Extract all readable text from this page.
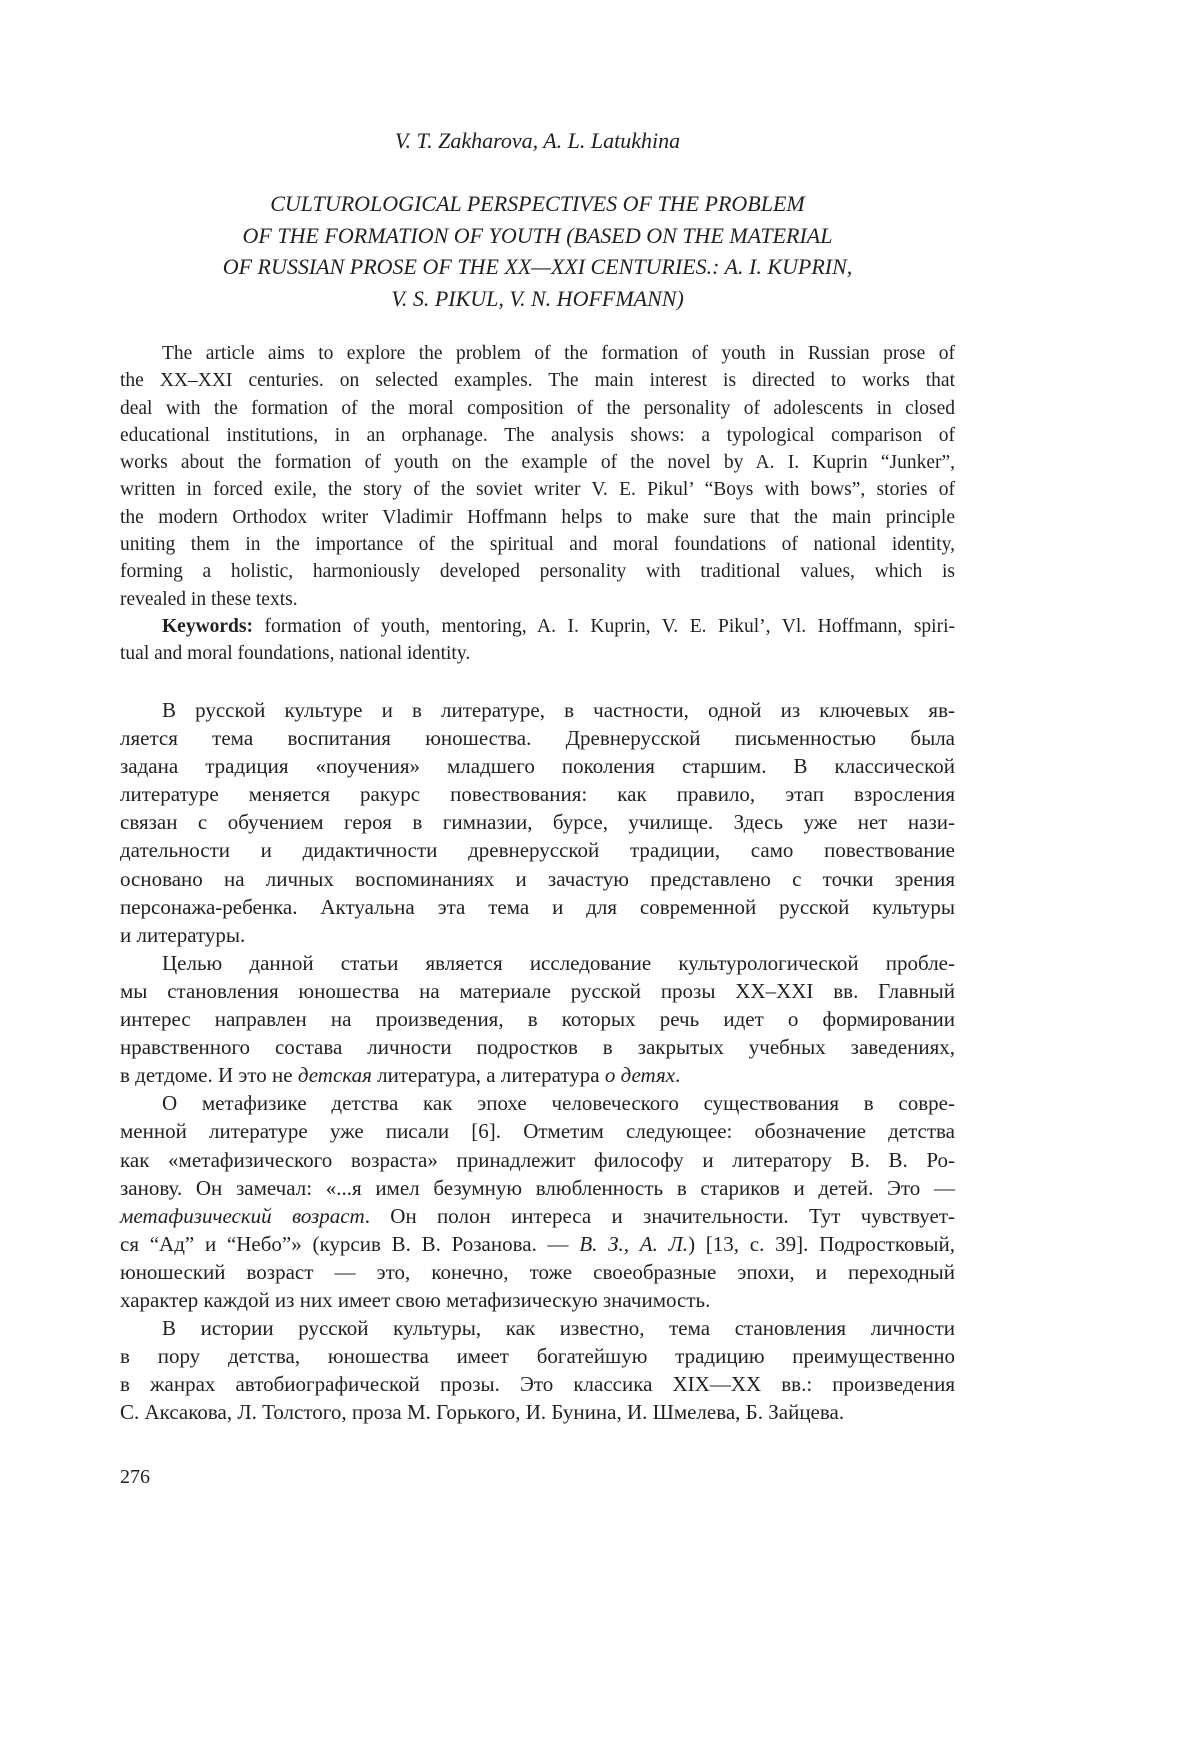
V. T. Zakharova, A. L. Latukhina
CULTUROLOGICAL PERSPECTIVES OF THE PROBLEM
OF THE FORMATION OF YOUTH (BASED ON THE MATERIAL
OF RUSSIAN PROSE OF THE XX—XXI CENTURIES.: A. I. KUPRIN,
V. S. PIKUL, V. N. HOFFMANN)
The article aims to explore the problem of the formation of youth in Russian prose of
the XX–XXI centuries. on selected examples. The main interest is directed to works that
deal with the formation of the moral composition of the personality of adolescents in closed
educational institutions, in an orphanage. The analysis shows: a typological comparison of
works about the formation of youth on the example of the novel by A. I. Kuprin “Junker”,
written in forced exile, the story of the soviet writer V. E. Pikul’ “Boys with bows”, stories of
the modern Orthodox writer Vladimir Hoffmann helps to make sure that the main principle
uniting them in the importance of the spiritual and moral foundations of national identity,
forming a holistic, harmoniously developed personality with traditional values, which is
revealed in these texts.
Keywords: formation of youth, mentoring, A. I. Kuprin, V. E. Pikul’, Vl. Hoffmann, spiri-
tual and moral foundations, national identity.
В русской культуре и в литературе, в частности, одной из ключевых яв-
ляется тема воспитания юношества. Древнерусской письменностью была
задана традиция «поучения» младшего поколения старшим. В классической
литературе меняется ракурс повествования: как правило, этап взросления
связан с обучением героя в гимназии, бурсе, училище. Здесь уже нет нази-
дательности и дидактичности древнерусской традиции, само повествование
основано на личных воспоминаниях и зачастую представлено с точки зрения
персонажа-ребенка. Актуальна эта тема и для современной русской культуры
и литературы.
Целью данной статьи является исследование культурологической пробле-
мы становления юношества на материале русской прозы XX–XXI вв. Главный
интерес направлен на произведения, в которых речь идет о формировании
нравственного состава личности подростков в закрытых учебных заведениях,
в детдоме. И это не детская литература, а литература о детях.
О метафизике детства как эпохе человеческого существования в совре-
менной литературе уже писали [6]. Отметим следующее: обозначение детства
как «метафизического возраста» принадлежит философу и литератору В. В. Ро-
занову. Он замечал: «...я имел безумную влюбленность в стариков и детей. Это —
метафизический возраст. Он полон интереса и значительности. Тут чувствует-
ся “Ад” и “Небо”» (курсив В. В. Розанова. — В. З., А. Л.) [13, с. 39]. Подростковый,
юношеский возраст — это, конечно, тоже своеобразные эпохи, и переходный
характер каждой из них имеет свою метафизическую значимость.
В истории русской культуры, как известно, тема становления личности
в пору детства, юношества имеет богатейшую традицию преимущественно
в жанрах автобиографической прозы. Это классика XIX—XX вв.: произведения
С. Аксакова, Л. Толстого, проза М. Горького, И. Бунина, И. Шмелева, Б. Зайцева.
276
